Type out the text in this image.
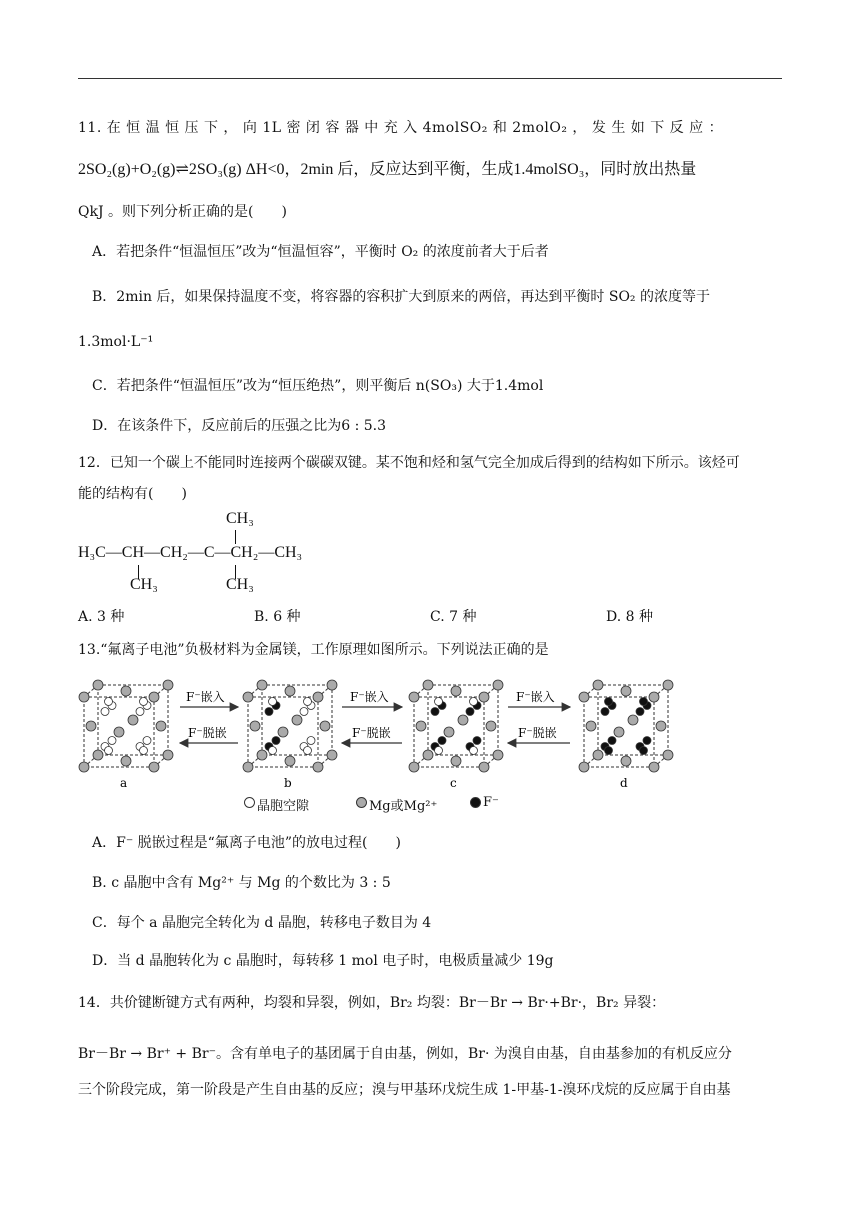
11. 在 恒 温 恒 压 下 ， 向 1L 密 闭 容 器 中 充 入 4molSO₂ 和 2molO₂ ， 发 生 如 下 反 应 ：
2SO₂(g)+O₂(g)⇌2SO₃(g) ΔH<0，2min 后，反应达到平衡，生成1.4molSO₃，同时放出热量
QkJ 。则下列分析正确的是(　　)
A．若把条件“恒温恒压”改为“恒温恒容”，平衡时 O₂ 的浓度前者大于后者
B．2min 后，如果保持温度不变，将容器的容积扩大到原来的两倍，再达到平衡时 SO₂ 的浓度等于
1.3mol·L⁻¹
C．若把条件“恒温恒压”改为“恒压绝热”，则平衡后 n(SO₃) 大于1.4mol
D．在该条件下，反应前后的压强之比为6 : 5.3
12．已知一个碳上不能同时连接两个碳碳双键。某不饱和烃和氢气完全加成后得到的结构如下所示。该烃可
能的结构有(　　)
CH₃
H₃C—CH—CH₂—C—CH₂—CH₃
CH₃	CH₃
A. 3 种	B. 6 种	C. 7 种	D. 8 种
13.“氟离子电池”负极材料为金属镁，工作原理如图所示。下列说法正确的是
F⁻嵌入
F⁻脱嵌
F⁻嵌入
F⁻脱嵌
F⁻嵌入
F⁻脱嵌
a	b	c	d
晶胞空隙	Mg或Mg²⁺	F⁻
A．F⁻ 脱嵌过程是“氟离子电池”的放电过程(　　)
B. c 晶胞中含有 Mg²⁺ 与 Mg 的个数比为 3 : 5
C．每个 a 晶胞完全转化为 d 晶胞，转移电子数目为 4
D．当 d 晶胞转化为 c 晶胞时，每转移 1 mol 电子时，电极质量减少 19g
14．共价键断键方式有两种，均裂和异裂，例如，Br₂ 均裂：Br－Br → Br·+Br·，Br₂ 异裂：
Br－Br → Br⁺ + Br⁻。含有单电子的基团属于自由基，例如，Br· 为溴自由基，自由基参加的有机反应分
三个阶段完成，第一阶段是产生自由基的反应；溴与甲基环戊烷生成 1-甲基-1-溴环戊烷的反应属于自由基
